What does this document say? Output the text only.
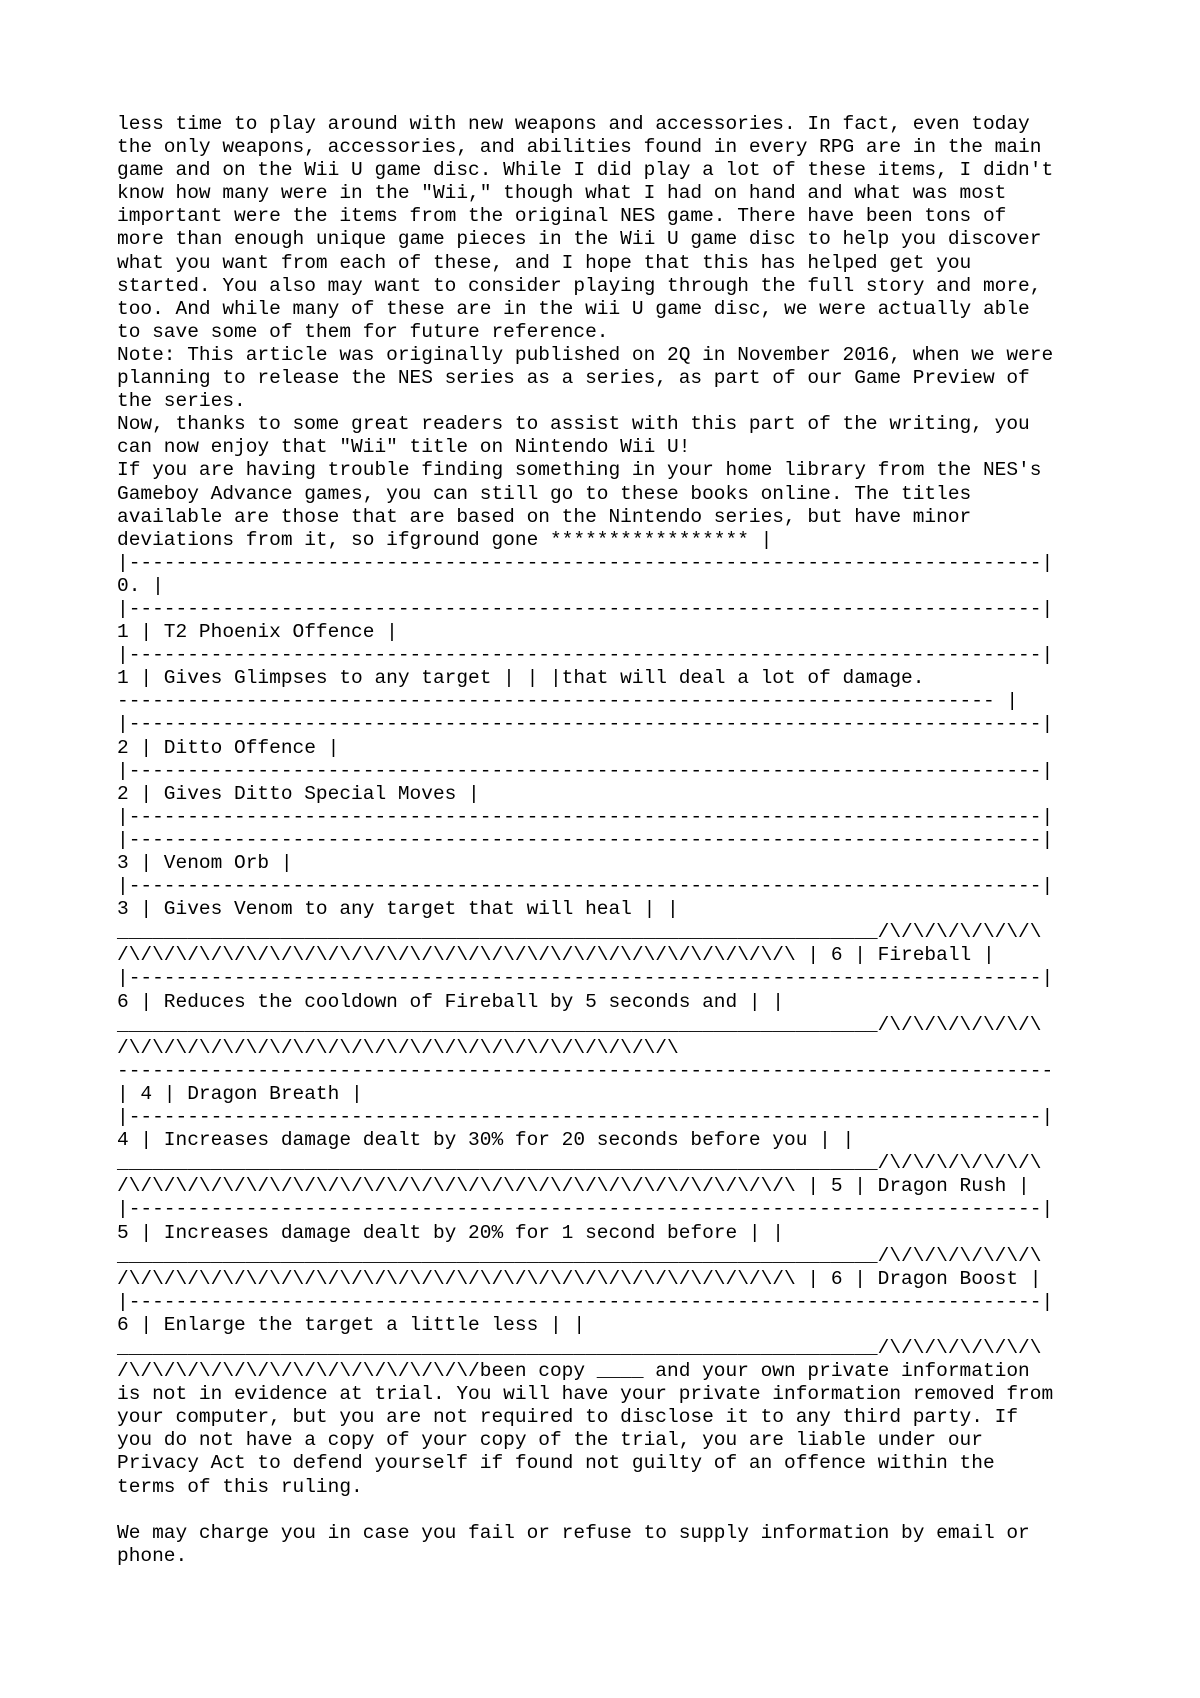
less time to play around with new weapons and accessories. In fact, even today
the only weapons, accessories, and abilities found in every RPG are in the main
game and on the Wii U game disc. While I did play a lot of these items, I didn't
know how many were in the "Wii," though what I had on hand and what was most
important were the items from the original NES game. There have been tons of
more than enough unique game pieces in the Wii U game disc to help you discover
what you want from each of these, and I hope that this has helped get you
started. You also may want to consider playing through the full story and more,
too. And while many of these are in the wii U game disc, we were actually able
to save some of them for future reference.
Note: This article was originally published on 2Q in November 2016, when we were
planning to release the NES series as a series, as part of our Game Preview of
the series.
Now, thanks to some great readers to assist with this part of the writing, you
can now enjoy that "Wii" title on Nintendo Wii U!
If you are having trouble finding something in your home library from the NES's
Gameboy Advance games, you can still go to these books online. The titles
available are those that are based on the Nintendo series, but have minor
deviations from it, so ifground gone ***************** |
|------------------------------------------------------------------------------|
0. |
|------------------------------------------------------------------------------|
1 | T2 Phoenix Offence |
|------------------------------------------------------------------------------|
1 | Gives Glimpses to any target | | |that will deal a lot of damage.
--------------------------------------------------------------------------- |
|------------------------------------------------------------------------------|
2 | Ditto Offence |
|------------------------------------------------------------------------------|
2 | Gives Ditto Special Moves |
|------------------------------------------------------------------------------|
|------------------------------------------------------------------------------|
3 | Venom Orb |
|------------------------------------------------------------------------------|
3 | Gives Venom to any target that will heal | |
_________________________________________________________________/\/\/\/\/\/\/\
/\/\/\/\/\/\/\/\/\/\/\/\/\/\/\/\/\/\/\/\/\/\/\/\/\/\/\/\/\ | 6 | Fireball |
|------------------------------------------------------------------------------|
6 | Reduces the cooldown of Fireball by 5 seconds and | |
_________________________________________________________________/\/\/\/\/\/\/\
/\/\/\/\/\/\/\/\/\/\/\/\/\/\/\/\/\/\/\/\/\/\/\/\
--------------------------------------------------------------------------------
| 4 | Dragon Breath |
|------------------------------------------------------------------------------|
4 | Increases damage dealt by 30% for 20 seconds before you | |
_________________________________________________________________/\/\/\/\/\/\/\
/\/\/\/\/\/\/\/\/\/\/\/\/\/\/\/\/\/\/\/\/\/\/\/\/\/\/\/\/\ | 5 | Dragon Rush |
|------------------------------------------------------------------------------|
5 | Increases damage dealt by 20% for 1 second before | |
_________________________________________________________________/\/\/\/\/\/\/\
/\/\/\/\/\/\/\/\/\/\/\/\/\/\/\/\/\/\/\/\/\/\/\/\/\/\/\/\/\ | 6 | Dragon Boost |
|------------------------------------------------------------------------------|
6 | Enlarge the target a little less | |
_________________________________________________________________/\/\/\/\/\/\/\
/\/\/\/\/\/\/\/\/\/\/\/\/\/\/\/been copy ____ and your own private information
is not in evidence at trial. You will have your private information removed from
your computer, but you are not required to disclose it to any third party. If
you do not have a copy of your copy of the trial, you are liable under our
Privacy Act to defend yourself if found not guilty of an offence within the
terms of this ruling.
We may charge you in case you fail or refuse to supply information by email or
phone.
